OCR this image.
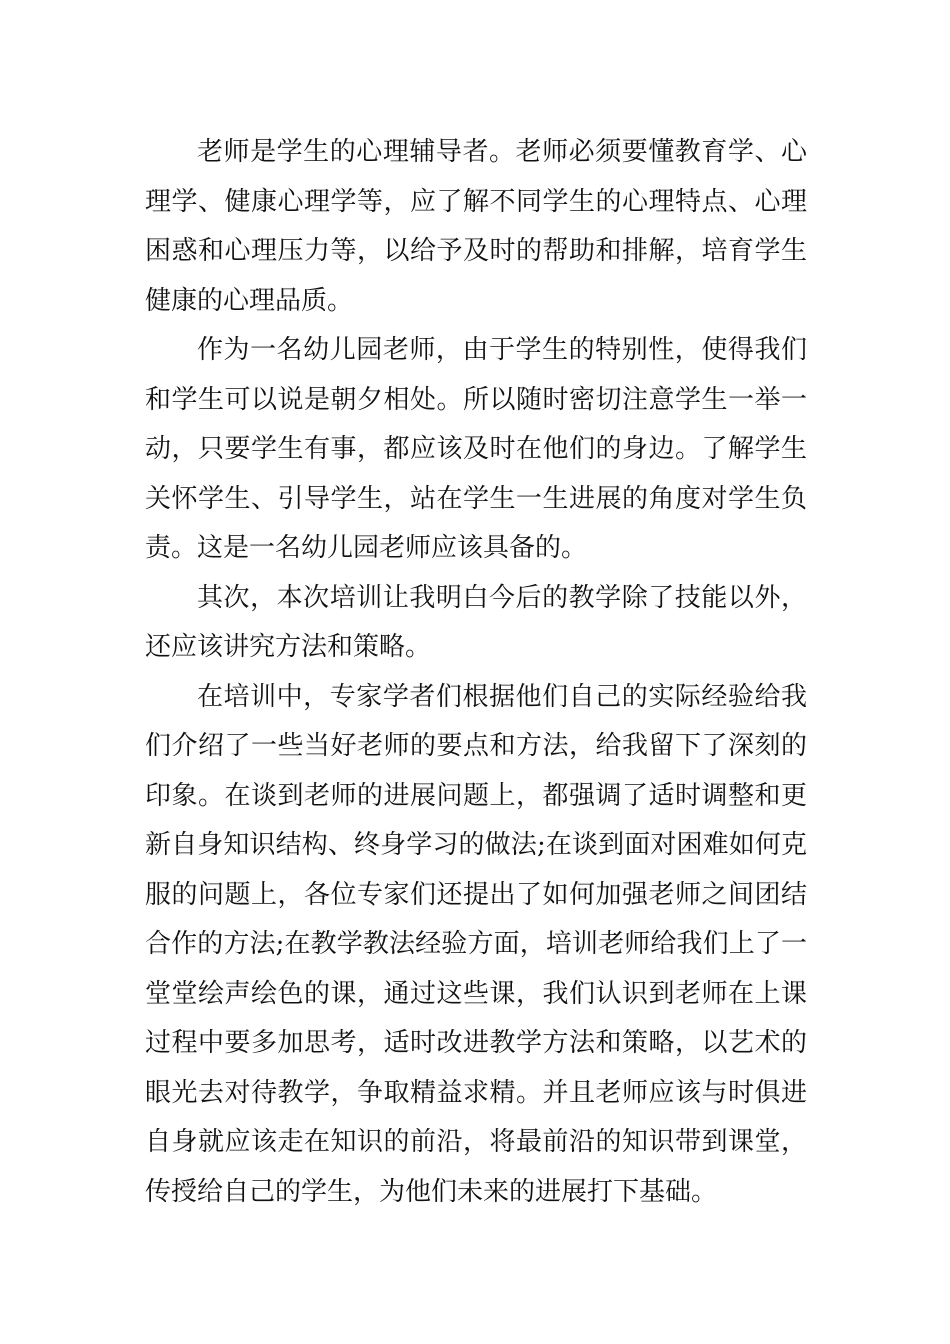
老师是学生的心理辅导者。老师必须要懂教育学、心理学、健康心理学等，应了解不同学生的心理特点、心理困惑和心理压力等，以给予及时的帮助和排解，培育学生健康的心理品质。

作为一名幼儿园老师，由于学生的特别性，使得我们和学生可以说是朝夕相处。所以随时密切注意学生一举一动，只要学生有事，都应该及时在他们的身边。了解学生关怀学生、引导学生，站在学生一生进展的角度对学生负责。这是一名幼儿园老师应该具备的。

其次，本次培训让我明白今后的教学除了技能以外，还应该讲究方法和策略。

在培训中，专家学者们根据他们自己的实际经验给我们介绍了一些当好老师的要点和方法，给我留下了深刻的印象。在谈到老师的进展问题上，都强调了适时调整和更新自身知识结构、终身学习的做法;在谈到面对困难如何克服的问题上，各位专家们还提出了如何加强老师之间团结合作的方法;在教学教法经验方面，培训老师给我们上了一堂堂绘声绘色的课，通过这些课，我们认识到老师在上课过程中要多加思考，适时改进教学方法和策略，以艺术的眼光去对待教学，争取精益求精。并且老师应该与时俱进自身就应该走在知识的前沿，将最前沿的知识带到课堂，传授给自己的学生，为他们未来的进展打下基础。
